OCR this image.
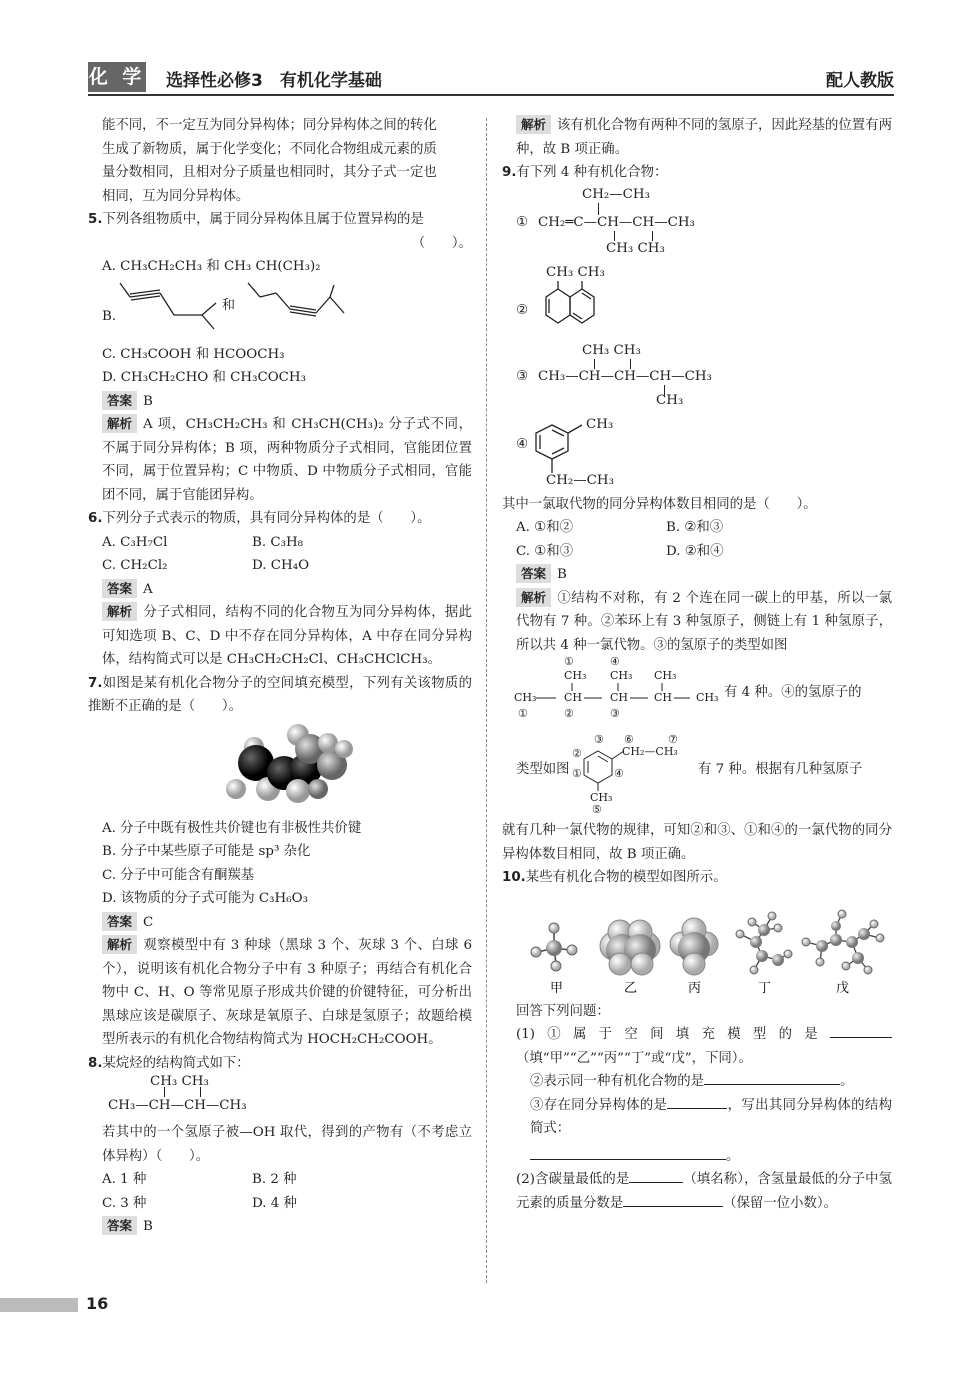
化 学 选择性必修3　有机化学基础	配人教版
能不同，不一定互为同分异构体；同分异构体之间的转化
生成了新物质，属于化学变化；不同化合物组成元素的质
量分数相同，且相对分子质量也相同时，其分子式一定也
相同，互为同分异构体。
5.下列各组物质中，属于同分异构体且属于位置异构的是
（　　）。
A. CH₃CH₂CH₃ 和 CH₃ CH(CH₃)₂
B.
和
C. CH₃COOH 和 HCOOCH₃
D. CH₃CH₂CHO 和 CH₃COCH₃
答案 B
解析 A 项，CH₃CH₂CH₃ 和 CH₃CH(CH₃)₂ 分子式不同，不属于同分异构体；B 项，两种物质分子式相同，官能团位置不同，属于位置异构；C 中物质、D 中物质分子式相同，官能团不同，属于官能团异构。
6.下列分子式表示的物质，具有同分异构体的是（　　）。
A. C₃H₇Cl	B. C₃H₈
C. CH₂Cl₂	D. CH₄O
答案 A
解析 分子式相同，结构不同的化合物互为同分异构体，据此可知选项 B、C、D 中不存在同分异构体，A 中存在同分异构体，结构简式可以是 CH₃CH₂CH₂Cl、CH₃CHClCH₃。
7.如图是某有机化合物分子的空间填充模型，下列有关该物质的推断不正确的是（　　）。
A. 分子中既有极性共价键也有非极性共价键
B. 分子中某些原子可能是 sp³ 杂化
C. 分子中可能含有酮羰基
D. 该物质的分子式可能为 C₃H₆O₃
答案 C
解析 观察模型中有 3 种球（黑球 3 个、灰球 3 个、白球 6 个），说明该有机化合物分子中有 3 种原子；再结合有机化合物中 C、H、O 等常见原子形成共价键的价键特征，可分析出黑球应该是碳原子、灰球是氧原子、白球是氢原子；故题给模型所表示的有机化合物结构简式为 HOCH₂CH₂COOH。
8.某烷烃的结构简式如下：
CH₃ CH₃
CH₃—CH—CH—CH₃
若其中的一个氢原子被—OH 取代，得到的产物有（不考虑立体异构）（　　）。
A. 1 种	B. 2 种
C. 3 种	D. 4 种
答案 B
解析 该有机化合物有两种不同的氢原子，因此羟基的位置有两种，故 B 项正确。
9.有下列 4 种有机化合物：
CH₂—CH₃
① CH₂═C—CH—CH—CH₃
CH₃ CH₃
②
CH₃ CH₃
CH₃ CH₃
③ CH₃—CH—CH—CH—CH₃
CH₃
④
CH₃
CH₂—CH₃
其中一氯取代物的同分异构体数目相同的是（　　）。
A. ①和②	B. ②和③
C. ①和③	D. ②和④
答案 B
解析 ①结构不对称，有 2 个连在同一碳上的甲基，所以一氯代物有 7 种。②苯环上有 3 种氢原子，侧链上有 1 种氢原子，所以共 4 种一氯代物。③的氢原子的类型如图
①	④
CH₃ CH₃ CH₃
CH₃	CH	CH CH CH₃
①	②	③
有 4 种。④的氢原子的
类型如图
③ ⑥	⑦
CH₂—CH₃
②
①	④
CH₃
⑤
有 7 种。根据有几种氢原子
就有几种一氯代物的规律，可知②和③、①和④的一氯代物的同分异构体数目相同，故 B 项正确。
10.某些有机化合物的模型如图所示。
甲	乙	丙	丁	戊
回答下列问题：
(1)①属于空间填充模型的是（填“甲”“乙”“丙”“丁”或“戊”，下同）。
②表示同一种有机化合物的是	。
③存在同分异构体的是	，写出其同分异构体的结构简式：
。
(2)含碳量最低的是	（填名称），含氢量最低的分子中氢元素的质量分数是	（保留一位小数）。
16
